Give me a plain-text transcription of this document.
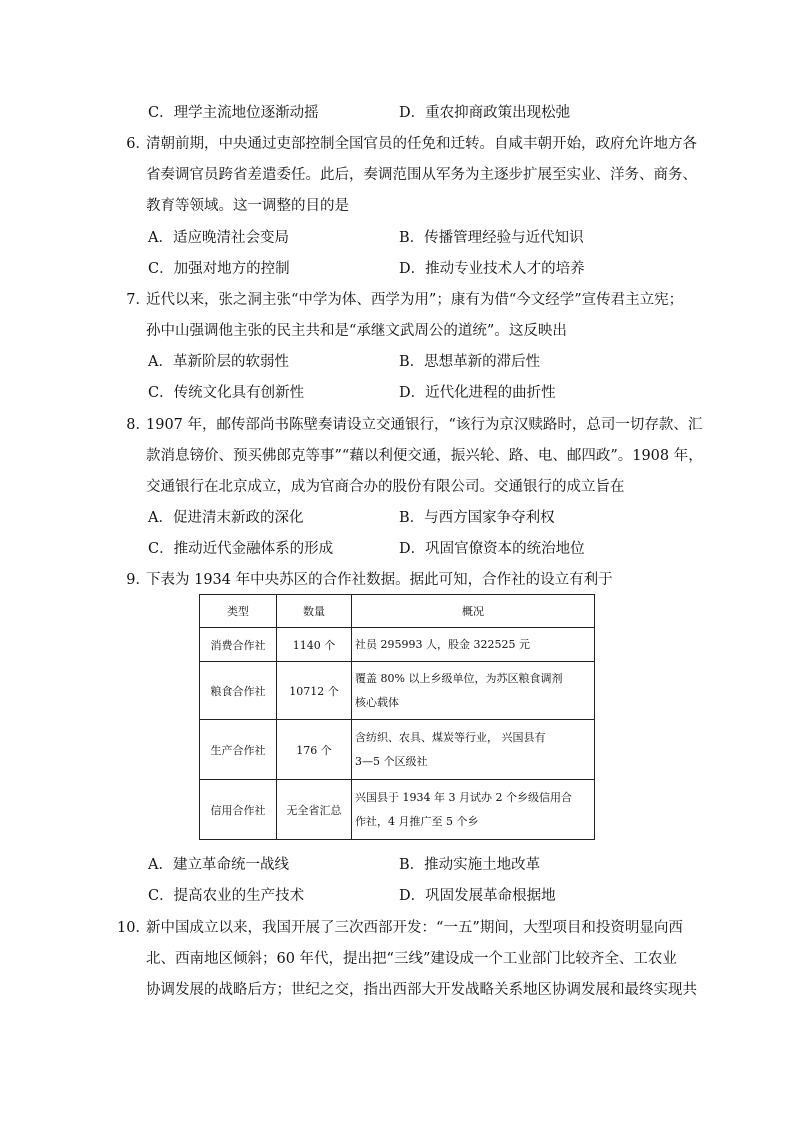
C．理学主流地位逐渐动摇	D．重农抑商政策出现松弛
6．
清朝前期，中央通过吏部控制全国官员的任免和迁转。自咸丰朝开始，政府允许地方各
省奏调官员跨省差遣委任。此后，奏调范围从军务为主逐步扩展至实业、洋务、商务、
教育等领域。这一调整的目的是
A．适应晚清社会变局	B．传播管理经验与近代知识
C．加强对地方的控制	D．推动专业技术人才的培养
7．
近代以来，张之洞主张“中学为体、西学为用”；康有为借“今文经学”宣传君主立宪；
孙中山强调他主张的民主共和是“承继文武周公的道统”。这反映出
A．革新阶层的软弱性	B．思想革新的滞后性
C．传统文化具有创新性	D．近代化进程的曲折性
8．
1907 年，邮传部尚书陈壁奏请设立交通银行，“该行为京汉赎路时，总司一切存款、汇
款消息镑价、预买佛郎克等事”“藉以利便交通，振兴轮、路、电、邮四政”。1908 年，
交通银行在北京成立，成为官商合办的股份有限公司。交通银行的成立旨在
A．促进清末新政的深化	B．与西方国家争夺利权
C．推动近代金融体系的形成	D．巩固官僚资本的统治地位
9．
下表为 1934 年中央苏区的合作社数据。据此可知，合作社的设立有利于
类型	数量	概况
消费合作社	1140 个	社员 295993 人，股金 322525 元
粮食合作社	10712 个	覆盖 80% 以上乡级单位，为苏区粮食调剂
核心载体
生产合作社	176 个	含纺织、农具、煤炭等行业， 兴国县有
3—5 个区级社
信用合作社	无全省汇总	兴国县于 1934 年 3 月试办 2 个乡级信用合
作社，4 月推广至 5 个乡
A．建立革命统一战线	B．推动实施土地改革
C．提高农业的生产技术	D．巩固发展革命根据地
10．
新中国成立以来，我国开展了三次西部开发：“一五”期间，大型项目和投资明显向西
北、西南地区倾斜；60 年代，提出把“三线”建设成一个工业部门比较齐全、工农业
协调发展的战略后方；世纪之交，指出西部大开发战略关系地区协调发展和最终实现共
